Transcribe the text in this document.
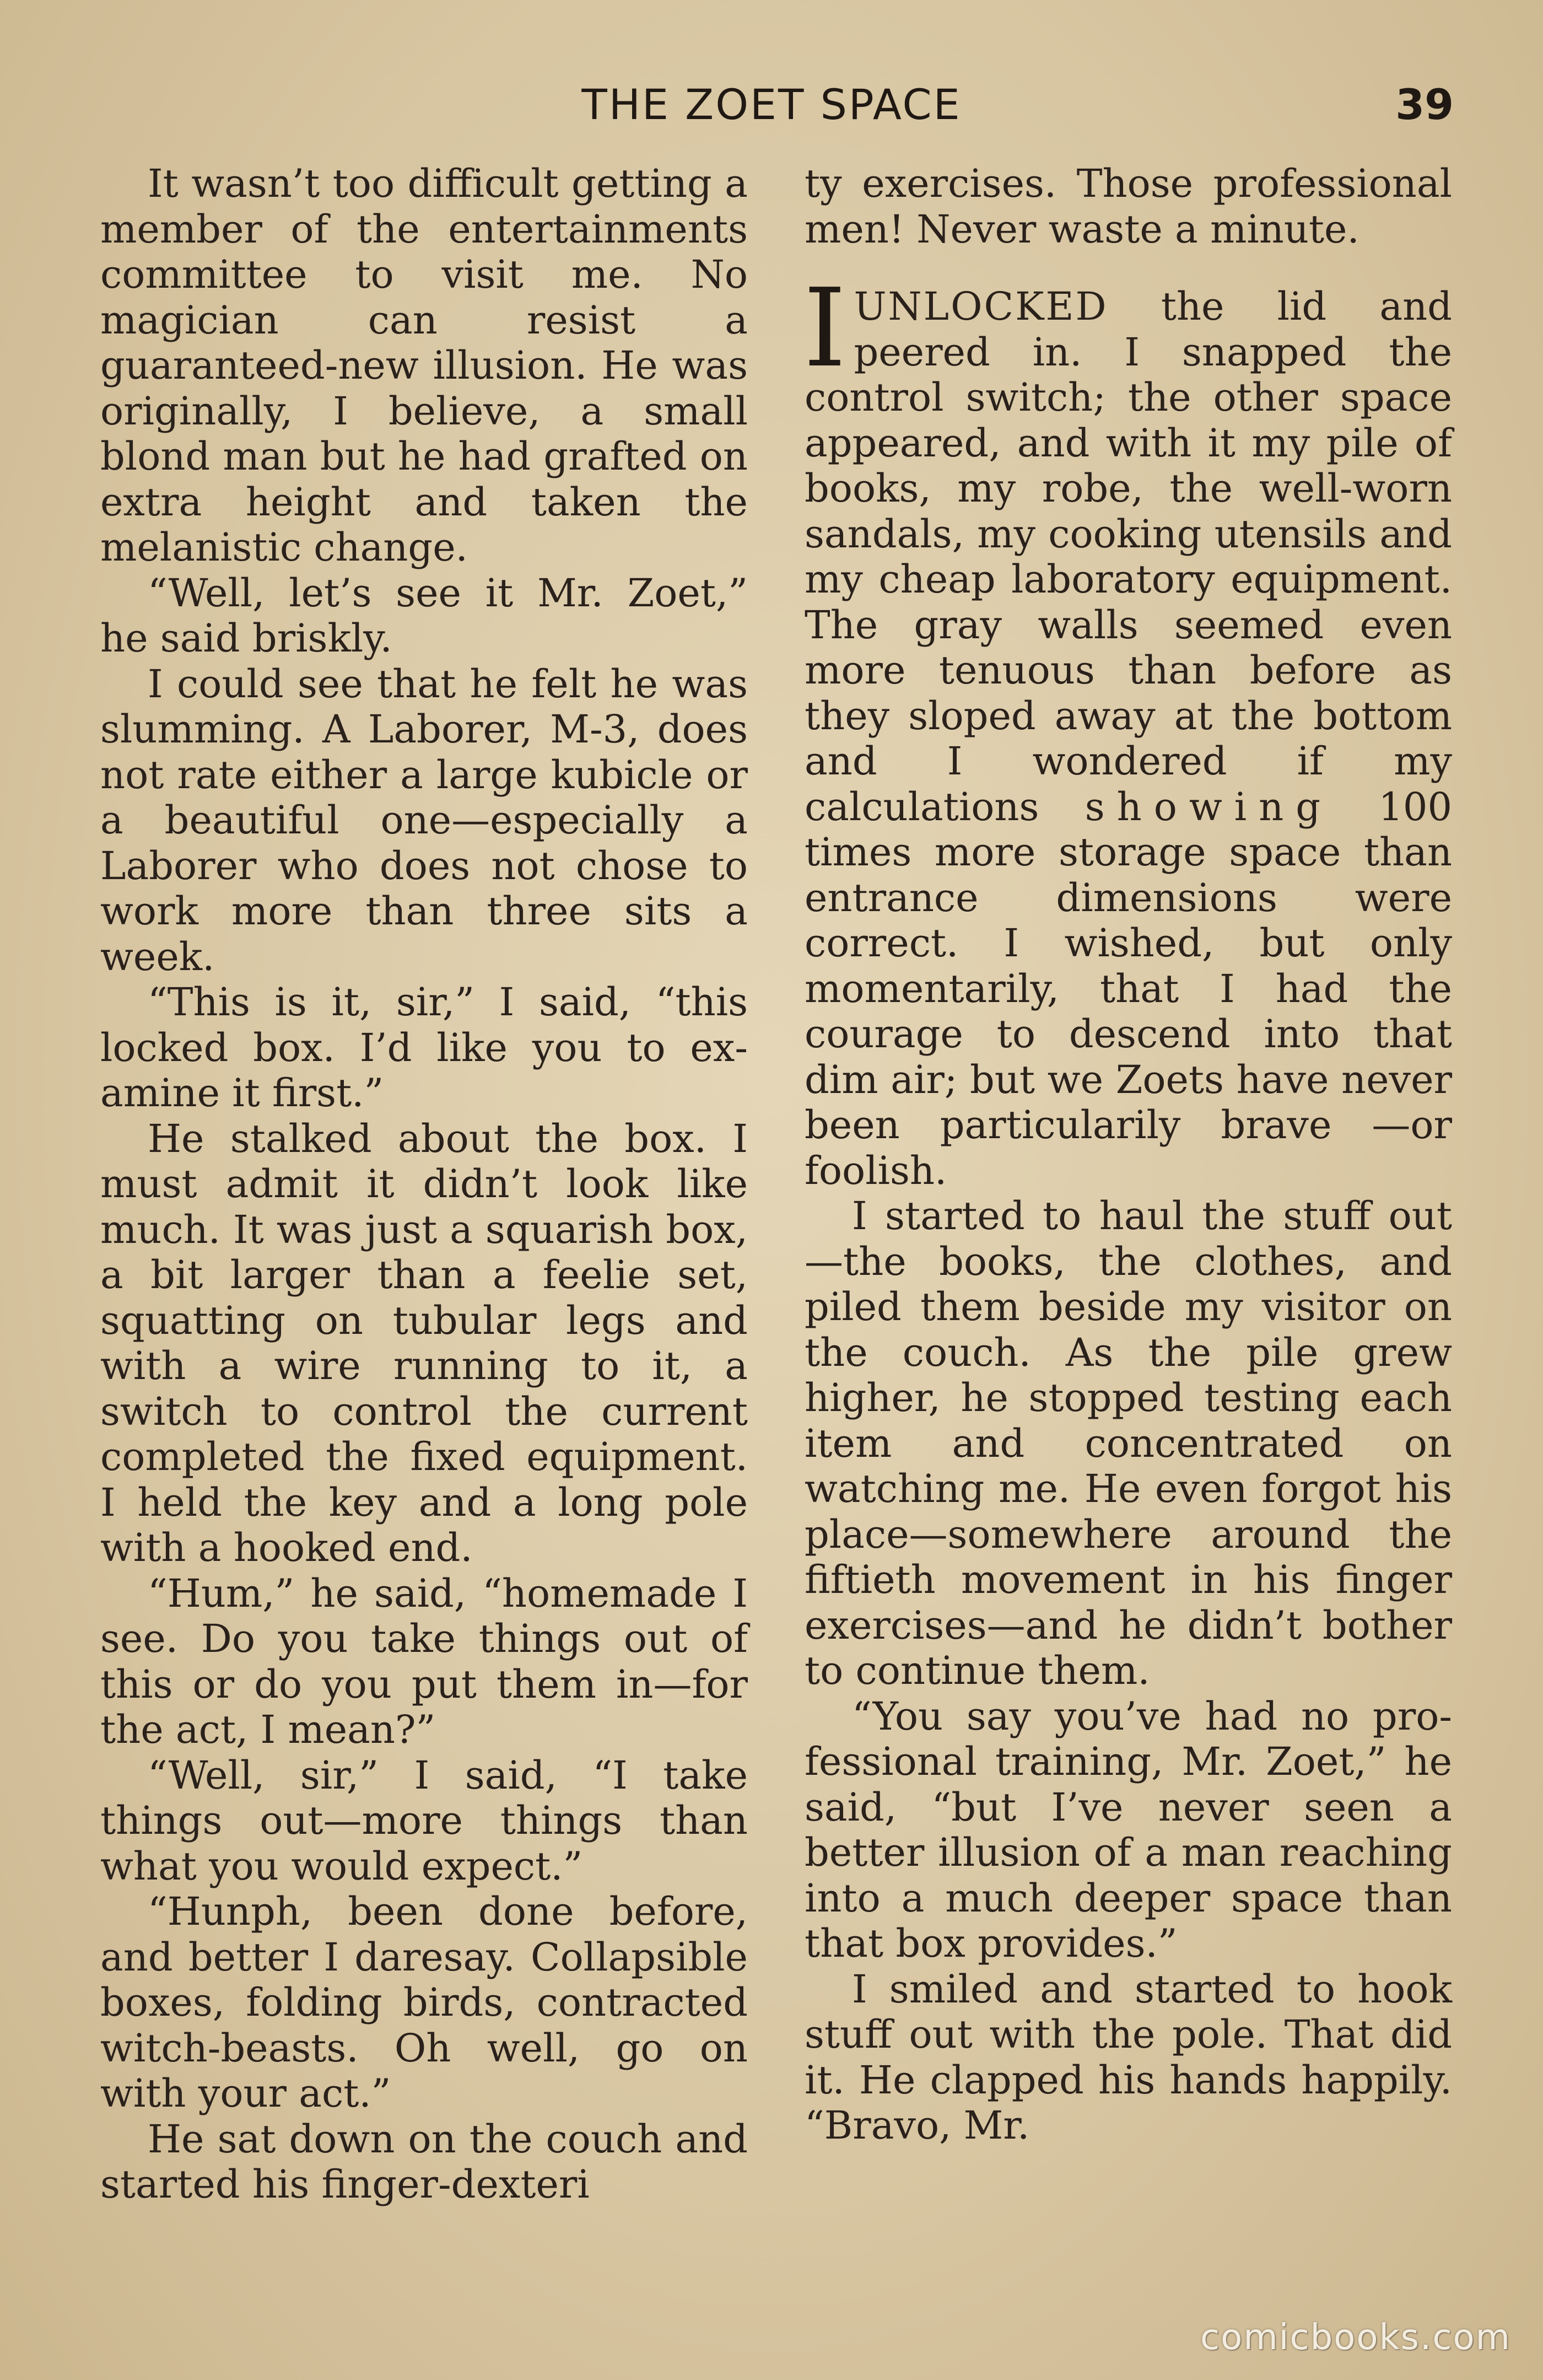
THE ZOET SPACE	39

It wasn’t too difficult getting a member of the entertainments committee to visit me. No magician can resist a guaranteed-new illusion. He was originally, I believe, a small blond man but he had grafted on extra height and taken the melanistic change.

“Well, let’s see it Mr. Zoet,” he said briskly.

I could see that he felt he was slumming. A Laborer, M-3, does not rate either a large kubicle or a beautiful one—especially a Laborer who does not chose to work more than three sits a week.

“This is it, sir,” I said, “this locked box. I’d like you to examine it first.”

He stalked about the box. I must admit it didn’t look like much. It was just a squarish box, a bit larger than a feelie set, squatting on tubular legs and with a wire running to it, a switch to control the current completed the fixed equipment. I held the key and a long pole with a hooked end.

“Hum,” he said, “homemade I see. Do you take things out of this or do you put them in—for the act, I mean?”

“Well, sir,” I said, “I take things out—more things than what you would expect.”

“Hunph, been done before, and better I daresay. Collapsible boxes, folding birds, contracted witch-beasts. Oh well, go on with your act.”

He sat down on the couch and started his finger-dexteri

ty exercises. Those professional men! Never waste a minute.

IUNLOCKED the lid and peered in. I snapped the control switch; the other space appeared, and with it my pile of books, my robe, the well-worn sandals, my cooking utensils and my cheap laboratory equipment. The gray walls seemed even more tenuous than before as they sloped away at the bottom and I wondered if my calculations showing 100 times more storage space than entrance dimensions were correct. I wished, but only momentarily, that I had the courage to descend into that dim air; but we Zoets have never been particularily brave —or foolish.

I started to haul the stuff out—the books, the clothes, and piled them beside my visitor on the couch. As the pile grew higher, he stopped testing each item and concentrated on watching me. He even forgot his place—somewhere around the fiftieth movement in his finger exercises—and he didn’t bother to continue them.

“You say you’ve had no professional training, Mr. Zoet,” he said, “but I’ve never seen a better illusion of a man reaching into a much deeper space than that box provides.”

I smiled and started to hook stuff out with the pole. That did it. He clapped his hands happily. “Bravo, Mr.

comicbooks.com
